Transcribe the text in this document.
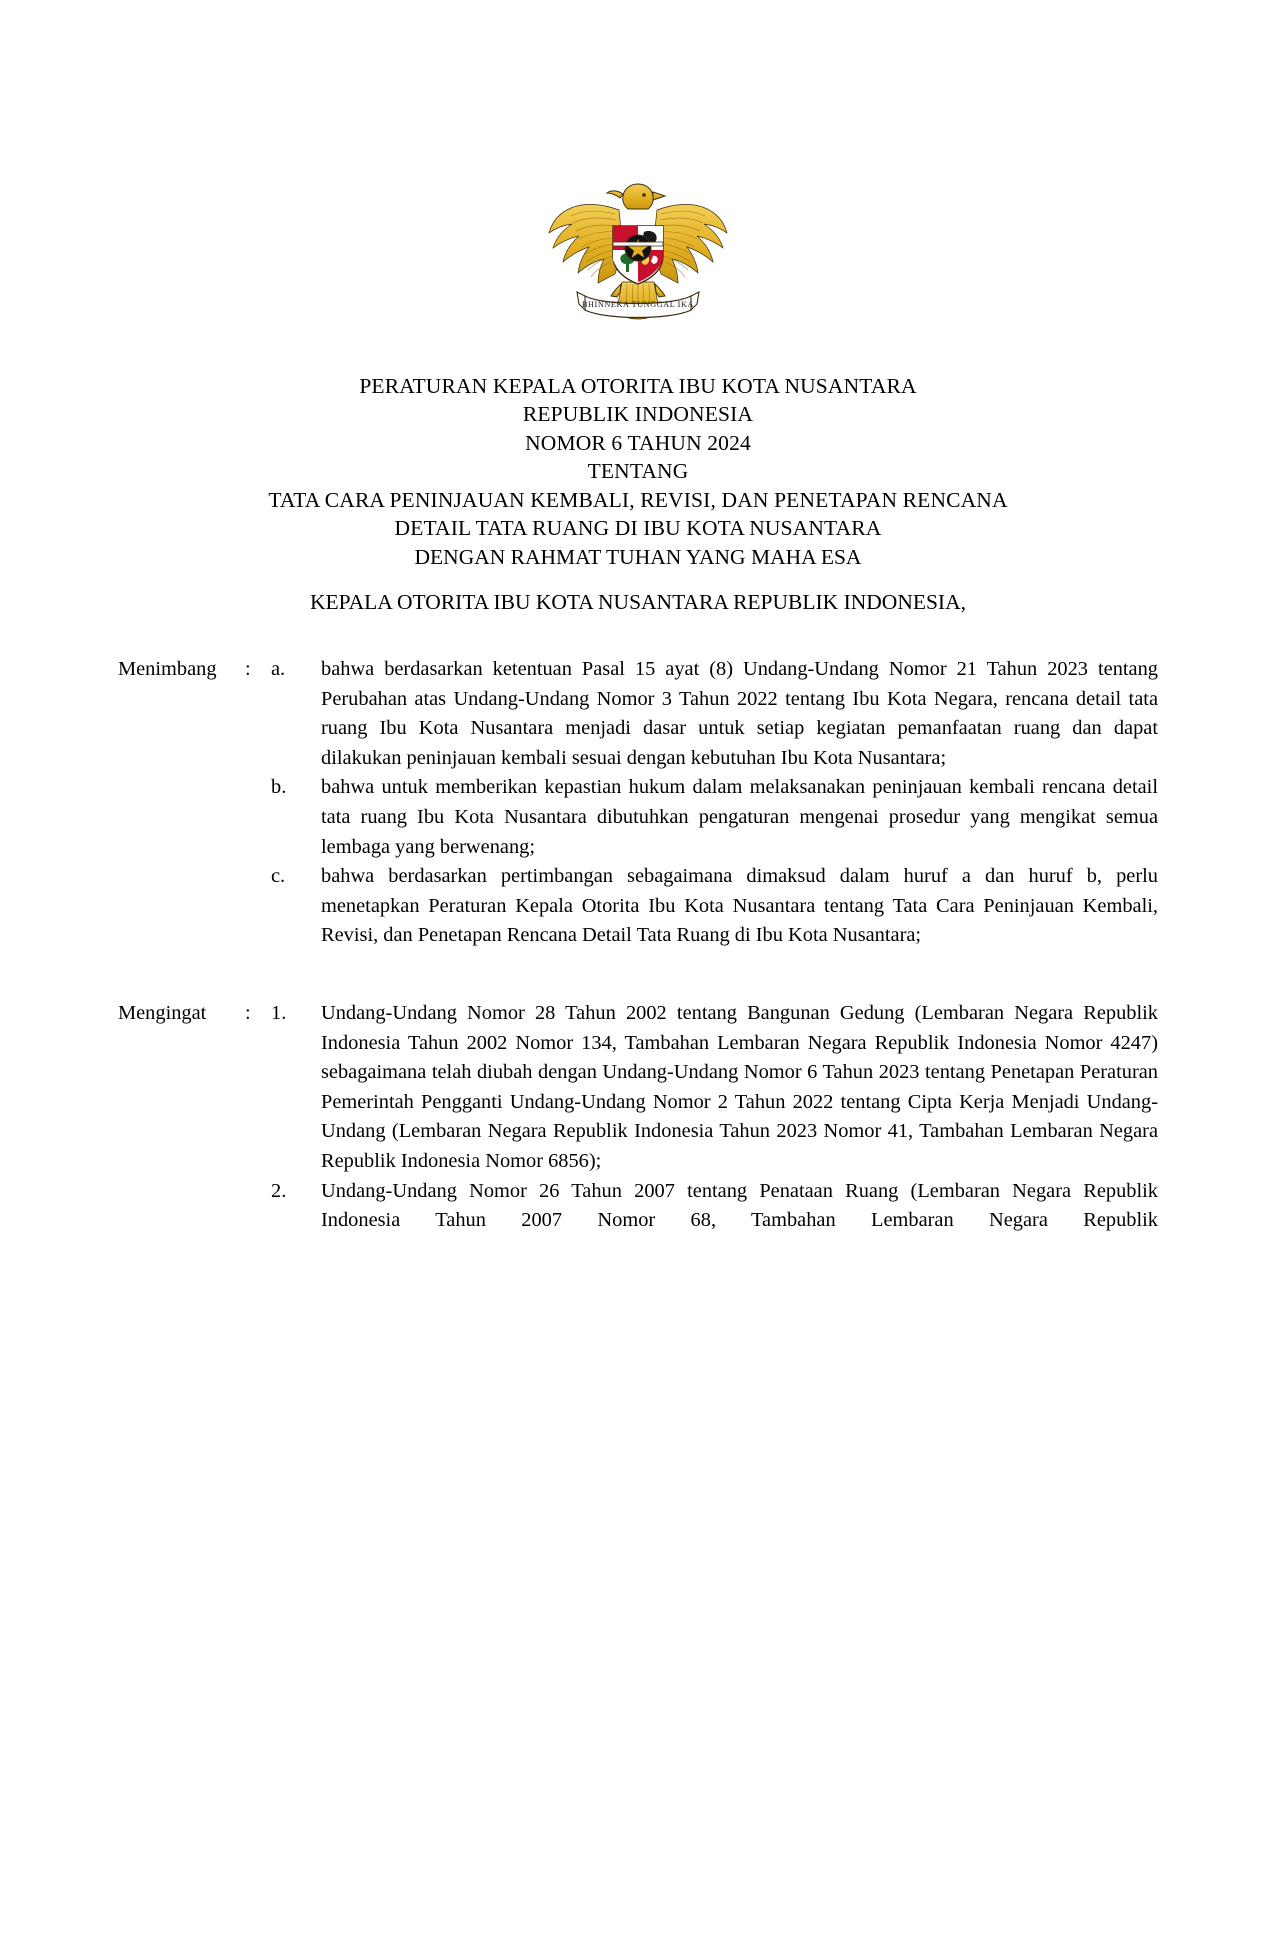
BHINNEKA TUNGGAL IKA
PERATURAN KEPALA OTORITA IBU KOTA NUSANTARA
REPUBLIK INDONESIA
NOMOR 6 TAHUN 2024
TENTANG
TATA CARA PENINJAUAN KEMBALI, REVISI, DAN PENETAPAN RENCANA
DETAIL TATA RUANG DI IBU KOTA NUSANTARA
DENGAN RAHMAT TUHAN YANG MAHA ESA
KEPALA OTORITA IBU KOTA NUSANTARA REPUBLIK INDONESIA,
Menimbang	: a.	bahwa berdasarkan ketentuan Pasal 15 ayat (8) Undang-Undang Nomor 21 Tahun 2023 tentang Perubahan atas Undang-Undang Nomor 3 Tahun 2022 tentang Ibu Kota Negara, rencana detail tata ruang Ibu Kota Nusantara menjadi dasar untuk setiap kegiatan pemanfaatan ruang dan dapat dilakukan peninjauan kembali sesuai dengan kebutuhan Ibu Kota Nusantara;
b.	bahwa untuk memberikan kepastian hukum dalam melaksanakan peninjauan kembali rencana detail tata ruang Ibu Kota Nusantara dibutuhkan pengaturan mengenai prosedur yang mengikat semua lembaga yang berwenang;
c.	bahwa berdasarkan pertimbangan sebagaimana dimaksud dalam huruf a dan huruf b, perlu menetapkan Peraturan Kepala Otorita Ibu Kota Nusantara tentang Tata Cara Peninjauan Kembali, Revisi, dan Penetapan Rencana Detail Tata Ruang di Ibu Kota Nusantara;
Mengingat	: 1.	Undang-Undang Nomor 28 Tahun 2002 tentang Bangunan Gedung (Lembaran Negara Republik Indonesia Tahun 2002 Nomor 134, Tambahan Lembaran Negara Republik Indonesia Nomor 4247) sebagaimana telah diubah dengan Undang-Undang Nomor 6 Tahun 2023 tentang Penetapan Peraturan Pemerintah Pengganti Undang-Undang Nomor 2 Tahun 2022 tentang Cipta Kerja Menjadi Undang-Undang (Lembaran Negara Republik Indonesia Tahun 2023 Nomor 41, Tambahan Lembaran Negara Republik Indonesia Nomor 6856);
2.	Undang-Undang Nomor 26 Tahun 2007 tentang Penataan Ruang (Lembaran Negara Republik Indonesia Tahun 2007 Nomor 68, Tambahan Lembaran Negara Republik
